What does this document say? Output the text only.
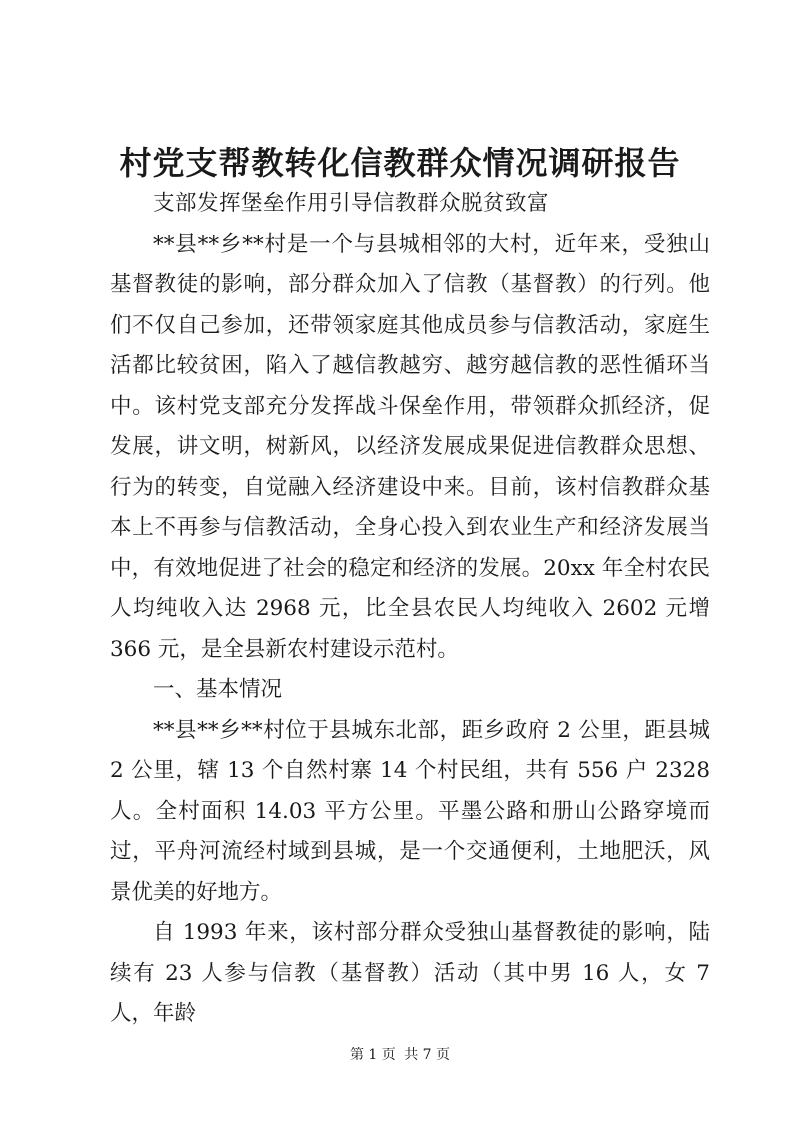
村党支帮教转化信教群众情况调研报告

支部发挥堡垒作用引导信教群众脱贫致富

**县**乡**村是一个与县城相邻的大村，近年来，受独山基督教徒的影响，部分群众加入了信教（基督教）的行列。他们不仅自己参加，还带领家庭其他成员参与信教活动，家庭生活都比较贫困，陷入了越信教越穷、越穷越信教的恶性循环当中。该村党支部充分发挥战斗保垒作用，带领群众抓经济，促发展，讲文明，树新风，以经济发展成果促进信教群众思想、行为的转变，自觉融入经济建设中来。目前，该村信教群众基本上不再参与信教活动，全身心投入到农业生产和经济发展当中，有效地促进了社会的稳定和经济的发展。20xx 年全村农民人均纯收入达 2968 元，比全县农民人均纯收入 2602 元增 366 元，是全县新农村建设示范村。

一、基本情况

**县**乡**村位于县城东北部，距乡政府 2 公里，距县城 2 公里，辖 13 个自然村寨 14 个村民组，共有 556 户 2328 人。全村面积 14.03 平方公里。平墨公路和册山公路穿境而过，平舟河流经村域到县城，是一个交通便利，土地肥沃，风景优美的好地方。

自 1993 年来，该村部分群众受独山基督教徒的影响，陆续有 23 人参与信教（基督教）活动（其中男 16 人，女 7 人，年龄

第 1 页 共 7 页
